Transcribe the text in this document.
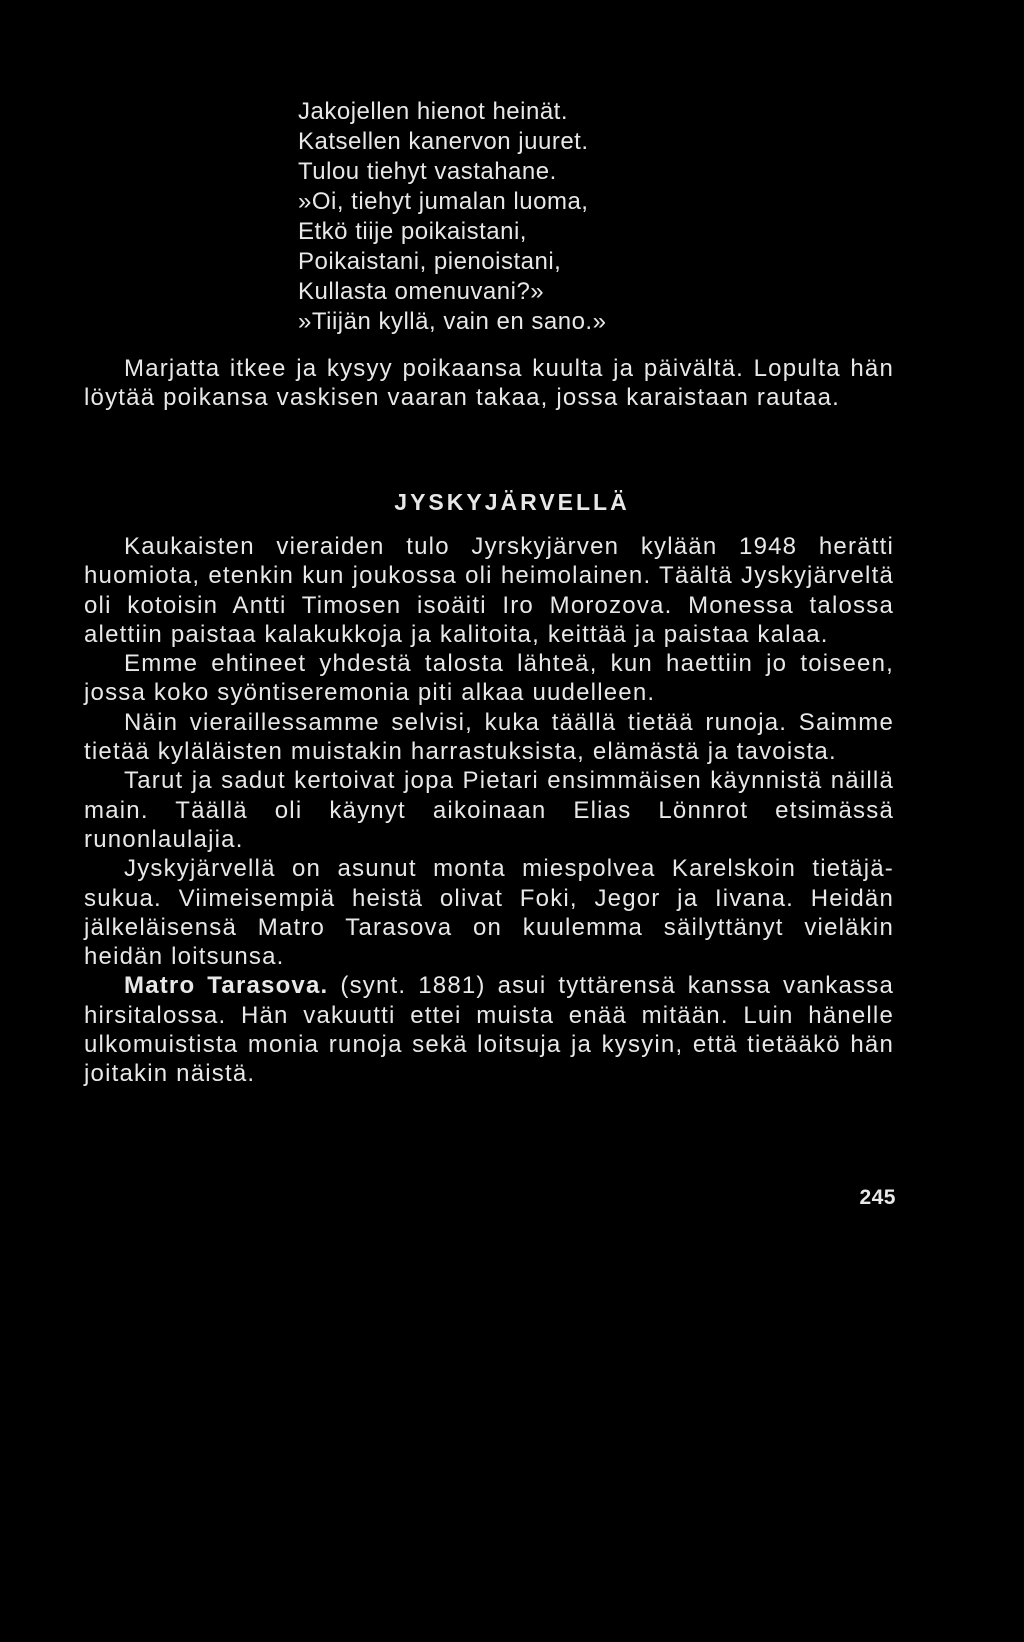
Jakojellen hienot heinät.
Katsellen kanervon juuret.
Tulou tiehyt vastahane.
»Oi, tiehyt jumalan luoma,
Etkö tiije poikaistani,
Poikaistani, pienoistani,
Kullasta omenuvani?»
»Tiijän kyllä, vain en sano.»

Marjatta itkee ja kysyy poikaansa kuulta ja päivältä. Lopulta hän löytää poikansa vaskisen vaaran takaa, jossa karaistaan rautaa.

JYSKYJÄRVELLÄ

Kaukaisten vieraiden tulo Jyrskyjärven kylään 1948 herätti huomiota, etenkin kun joukossa oli heimolainen. Täältä Jyskyjärveltä oli kotoisin Antti Timosen isoäiti Iro Morozova. Monessa talossa alettiin paistaa kalakukkoja ja kalitoita, keittää ja paistaa kalaa.

Emme ehtineet yhdestä talosta lähteä, kun haettiin jo toiseen, jossa koko syöntiseremonia piti alkaa uudelleen.

Näin vieraillessamme selvisi, kuka täällä tietää runoja. Saimme tietää kyläläisten muistakin harrastuksista, elämästä ja tavoista.

Tarut ja sadut kertoivat jopa Pietari ensimmäisen käynnistä näillä main. Täällä oli käynyt aikoinaan Elias Lönnrot etsimässä runonlaulajia.

Jyskyjärvellä on asunut monta miespolvea Karelskoin tietäjä-sukua. Viimeisempiä heistä olivat Foki, Jegor ja Iivana. Heidän jälkeläisensä Matro Tarasova on kuulemma säilyttänyt vieläkin heidän loitsunsa.

Matro Tarasova. (synt. 1881) asui tyttärensä kanssa vankassa hirsitalossa. Hän vakuutti ettei muista enää mitään. Luin hänelle ulkomuistista monia runoja sekä loitsuja ja kysyin, että tietääkö hän joitakin näistä.

245
